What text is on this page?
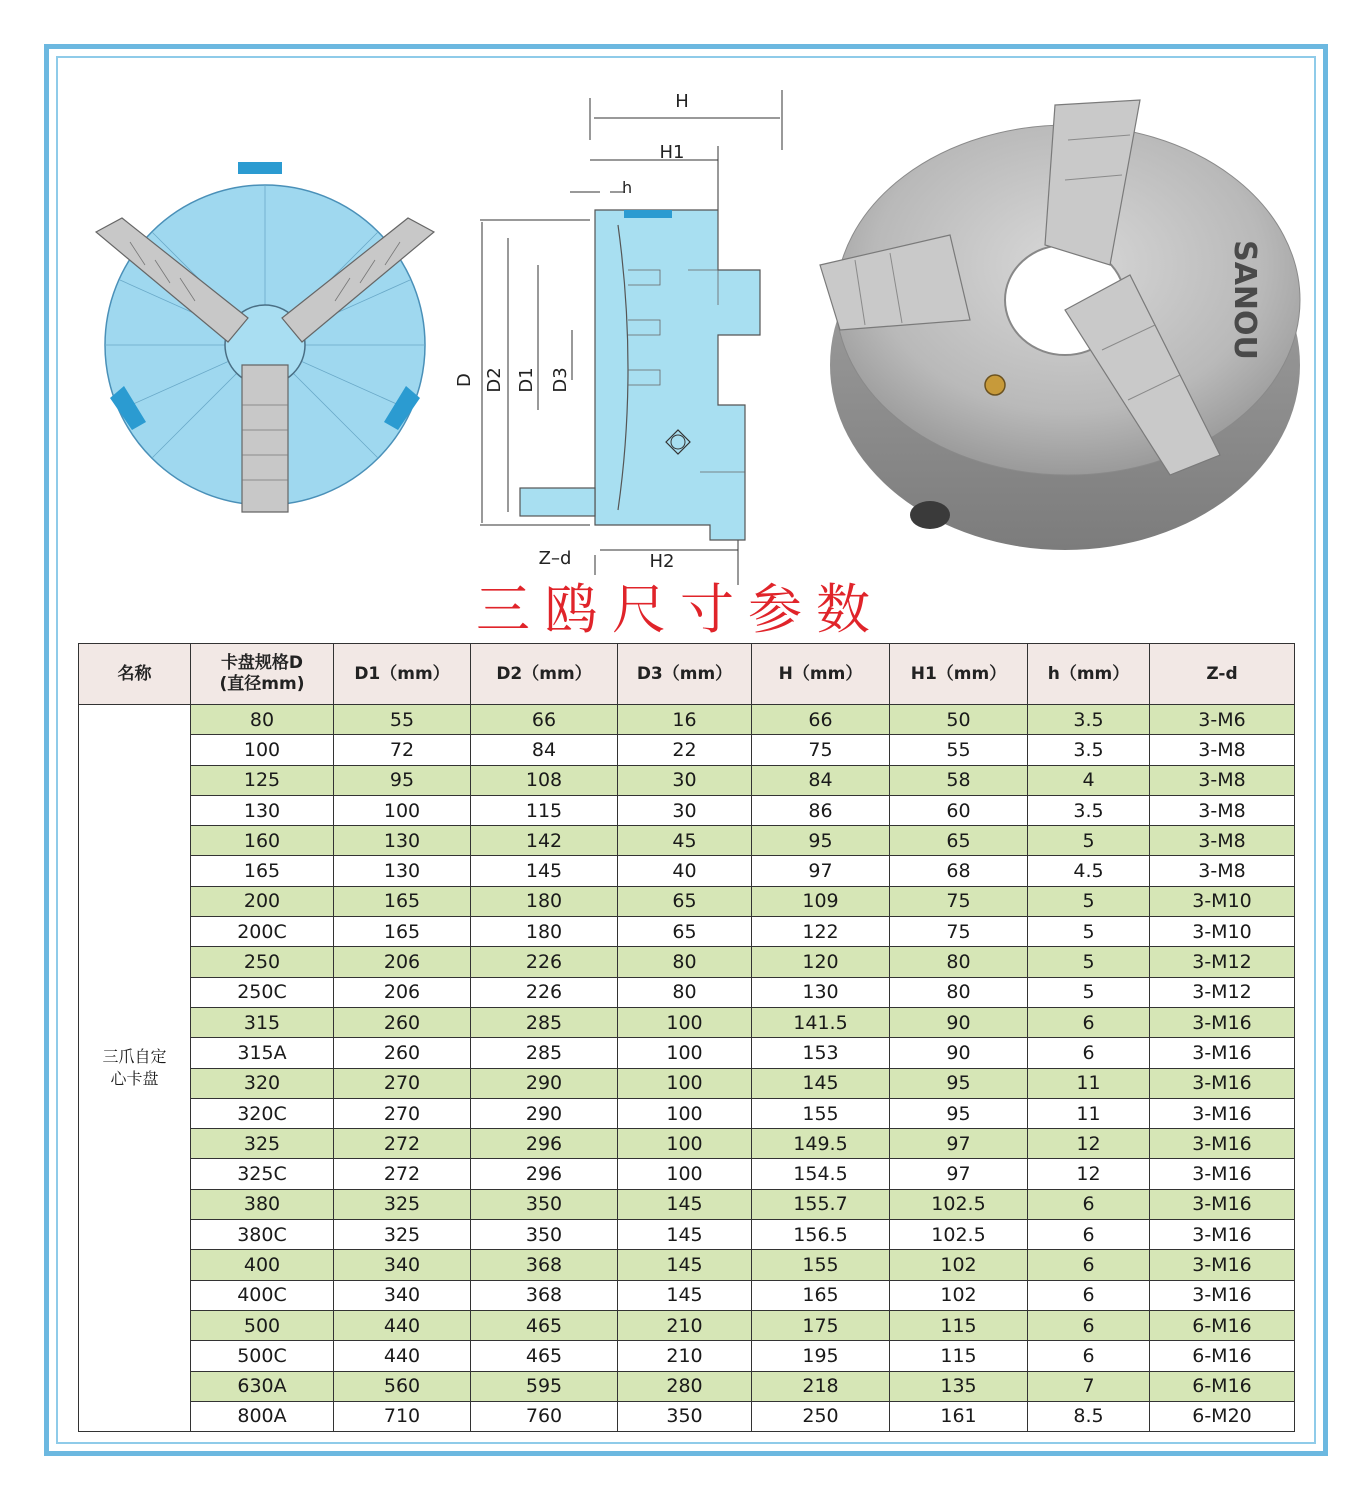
H
H1
h
D D2 D1 D3
Z–d	H2
SANOU
三鸥尺寸参数
名称	卡盘规格D
(直径mm)	D1（mm）	D2（mm）	D3（mm）	H（mm）	H1（mm）	h（mm）	Z-d

三爪自定
心卡盘	80	55	66	16	66	50	3.5	3-M6
	100	72	84	22	75	55	3.5	3-M8
	125	95	108	30	84	58	4	3-M8
	130	100	115	30	86	60	3.5	3-M8
	160	130	142	45	95	65	5	3-M8
	165	130	145	40	97	68	4.5	3-M8
	200	165	180	65	109	75	5	3-M10
	200C	165	180	65	122	75	5	3-M10
	250	206	226	80	120	80	5	3-M12
	250C	206	226	80	130	80	5	3-M12
	315	260	285	100	141.5	90	6	3-M16
	315A	260	285	100	153	90	6	3-M16
	320	270	290	100	145	95	11	3-M16
	320C	270	290	100	155	95	11	3-M16
	325	272	296	100	149.5	97	12	3-M16
	325C	272	296	100	154.5	97	12	3-M16
	380	325	350	145	155.7	102.5	6	3-M16
	380C	325	350	145	156.5	102.5	6	3-M16
	400	340	368	145	155	102	6	3-M16
	400C	340	368	145	165	102	6	3-M16
	500	440	465	210	175	115	6	6-M16
	500C	440	465	210	195	115	6	6-M16
	630A	560	595	280	218	135	7	6-M16
	800A	710	760	350	250	161	8.5	6-M20
